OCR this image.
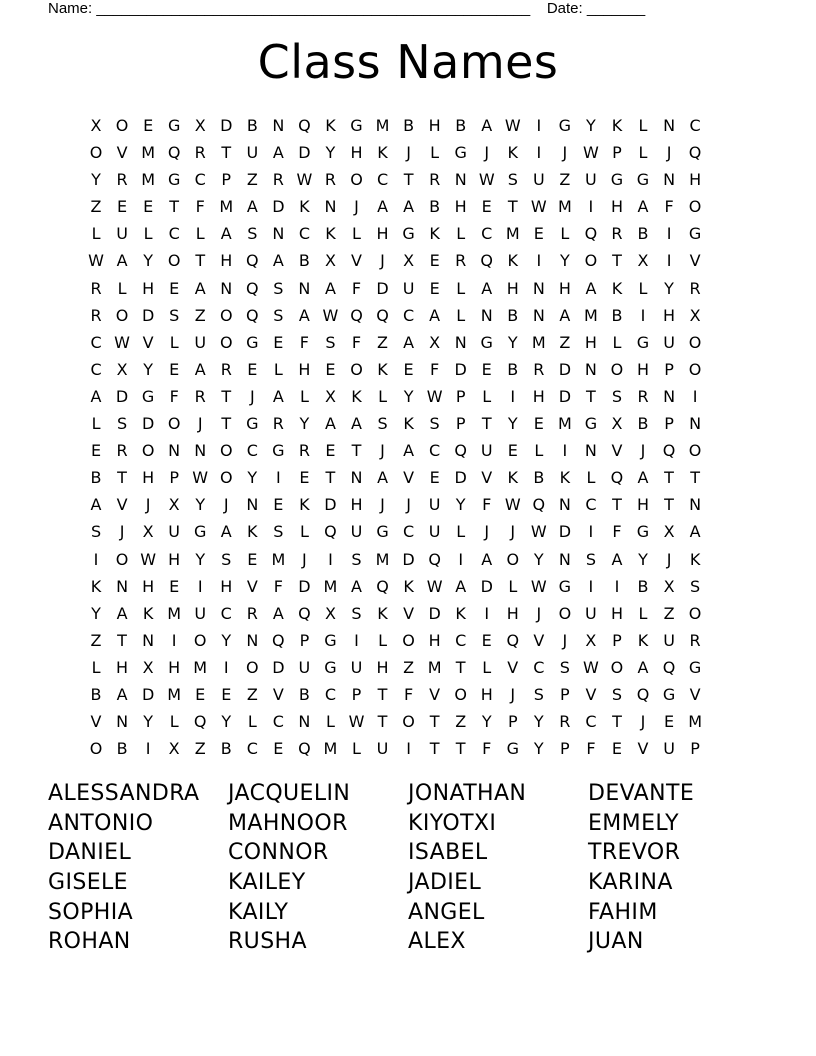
Name: ____________________________________________________ Date: _______
Class Names
X O E G X D B N Q K G M B H B A W I	G Y K	L N C
O V M Q R T U A D Y H K	J	L G	J	K	I	J W P	L	J	Q
Y R M G C P Z R W R O C T R N W S U Z U G G N H
Z E E	T	F M A D K N	J	A A B H E	T W M	I	H A F O
L U L	C	L	A S N C K	L H G K	L	C M E	L Q R B	I	G
W A Y O T H Q A B X V	J	X E R Q K	I	Y O T X	I	V
R	L H E A N Q S N A F D U E	L	A H N H A K	L	Y R
R O D S Z O Q S A W Q Q C A	L N B N A M B	I	H X
C W V	L U O G E	F	S	F Z A X N G Y M Z H L G U O
C X Y	E A R E	L H E O K E	F D E B R D N O H P O
A D G F R T	J	A	L	X K	L	Y W P	L	I	H D T	S R N	I
L	S D O	J	T G R Y A A S K S	P	T	Y	E M G X B P N
E R O N N O C G R E	T	J	A C Q U E	L	I	N V	J	Q O
B T H P W O Y	I	E	T N A V E D V K B K	L Q A T	T
A V	J	X Y	J	N E K D H	J	J	U Y	F W Q N C T H T N
S	J	X U G A K S	L Q U G C U L	J	J W D	I	F G X A
I	O W H Y	S E M	J	I	S M D Q	I	A O Y N S A Y	J	K
K N H E	I	H V F D M A Q K W A D L W G	I	I	B X S
Y A K M U C R A Q X S K V D K	I	H	J	O U H L	Z O
Z T N	I	O Y N Q P G	I	L O H C E Q V	J	X P K U R
L H X H M	I	O D U G U H Z M T	L	V C S W O A Q G
B A D M E E Z V B C P	T	F V O H	J	S	P V S Q G V
V N Y	L Q Y	L	C N L W T O T Z Y	P	Y R C T	J	E M
O B	I	X Z B C E Q M L U	I	T	T	F G Y	P	F	E V U P
ALESSANDRA	JACQUELIN	JONATHAN	DEVANTE
ANTONIO	MAHNOOR	KIYOTXI	EMMELY
DANIEL	CONNOR	ISABEL	TREVOR
GISELE	KAILEY	JADIEL	KARINA
SOPHIA	KAILY	ANGEL	FAHIM
ROHAN	RUSHA	ALEX	JUAN
